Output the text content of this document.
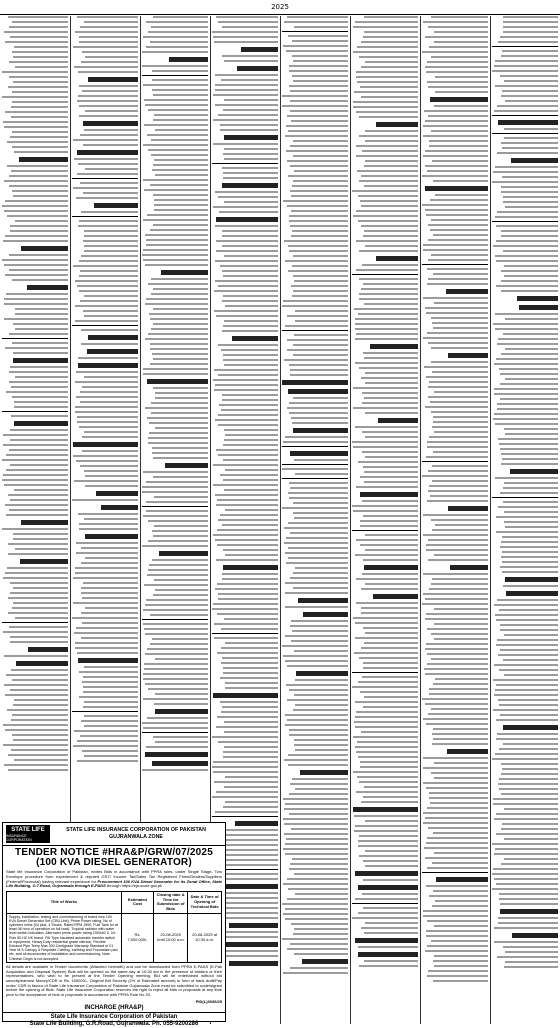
2025
STATE LIFE
INSURANCE CORPORATION
STATE LIFE INSURANCE CORPORATION OF PAKISTAN
GUJRANWALA ZONE
TENDER NOTICE #HRA&P/GRW/07/2025
(100 KVA DIESEL GENERATOR)
State life Insurance Corporation of Pakistan, invites Bids in accordance with PPRA rules, under Single Stage- Two Envelops procedure from experienced & reputed GST/ Income Tax/Sales Tax Registered Firms/Dealers/Suppliers (Federal/Provincial) having relevant experience for Procurement 100 KVA Diesel Generator for its Zonal Office, State Life Building, G.T.Road, Gujranwala through E-PADS through https://eprocure.gov.pk
Title of Works	Estimated Cost	Closing date & Time for Submission of Bids	Date & Time of Opening of Technical Bids
Supply, installation, testing and commissioning of brand new 100 KVA Diesel Generator Set (CBU Unit), Prime Power rating, No of cylinders inline (04 plus, 4 Stroke, Rated RPM 1500, Fuel Tank for at least 08 hour of operation on full load). Tropical radiator with water level switch indication. Alternator prime power rating 230/440 V, 04-Pole 50 HZ UK brand. Fitt Type insulated automatic transfer switch or equipment, Heavy Duty residential grade silencer, Flexible Exhaust Pipe Temp Max 300 Centigrade Warranty Standard of 01 Year M.S Canopy & Requisite Cabling, earthing and Foundation pad etc. and all accessories of installation and commissioning. Note: Chinese Origin is not accepted.	Rs. 7,500,000/-	20-08-2025 Until 10:00 a.m.	20-08-2025 at 10:30 a.m.
All details are available in Tender documents (Attached herewith) and can be downloaded from PPRA E-PADS (E-Pak Acquisition and Disposal System) Bids will be opened on the same day at 10:30 am in the presence of bidders or their representatives, who wish to be present at the Tender Opening meeting. Bid will be entertained without bid security/earnest Money/CDR or Rs. 150000/-, Original Bid Security (2% of Estimated amount) in form of bank draft/Pay order/ CDR in favour of State Life Insurance Corporation of Pakistan Gujranwala Zone must be submitted to undersigned before the opening of Bids. State Life Insurance Corporation reserves the right to reject all bids or proposals at any time prior to the acceptance of bids or proposals in accordance with PPRA Rule No 33.
PID(L)3036/25
INCHARGE (HRA&P)
State Life Insurance Corporation of Pakistan
State Life Building, G.R.Road, Gujranwala. Ph. 055-9200286
